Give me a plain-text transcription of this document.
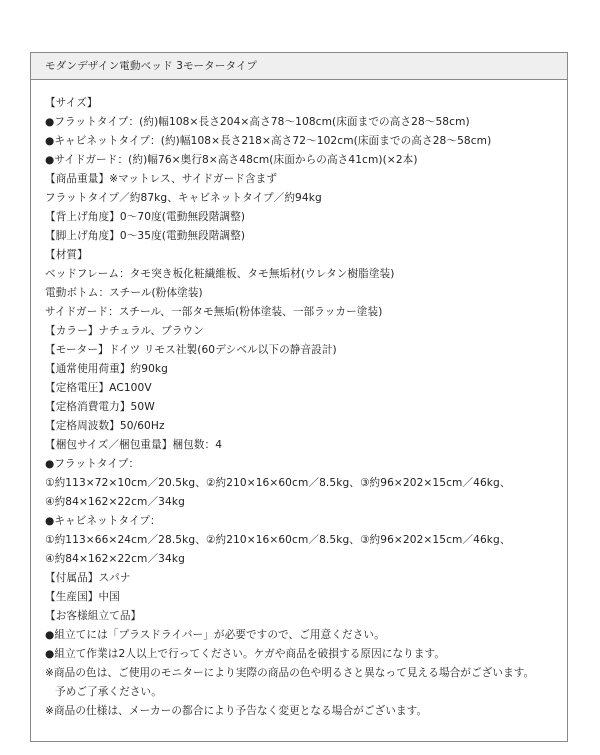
モダンデザイン電動ベッド 3モータータイプ
【サイズ】
●フラットタイプ：(約)幅108×長さ204×高さ78～108cm(床面までの高さ28～58cm)
●キャビネットタイプ：(約)幅108×長さ218×高さ72～102cm(床面までの高さ28～58cm)
●サイドガード：(約)幅76×奥行8×高さ48cm(床面からの高さ41cm)(×2本)
【商品重量】※マットレス、サイドガード含まず
フラットタイプ／約87kg、キャビネットタイプ／約94kg
【背上げ角度】0～70度(電動無段階調整)
【脚上げ角度】0～35度(電動無段階調整)
【材質】
ベッドフレーム：タモ突き板化粧繊維板、タモ無垢材(ウレタン樹脂塗装)
電動ボトム：スチール(粉体塗装)
サイドガード：スチール、一部タモ無垢(粉体塗装、一部ラッカー塗装)
【カラー】ナチュラル、ブラウン
【モーター】ドイツ リモス社製(60デシベル以下の静音設計)
【通常使用荷重】約90kg
【定格電圧】AC100V
【定格消費電力】50W
【定格周波数】50/60Hz
【梱包サイズ／梱包重量】梱包数：4
●フラットタイプ：
①約113×72×10cm／20.5kg、②約210×16×60cm／8.5kg、③約96×202×15cm／46kg、
④約84×162×22cm／34kg
●キャビネットタイプ：
①約113×66×24cm／28.5kg、②約210×16×60cm／8.5kg、③約96×202×15cm／46kg、
④約84×162×22cm／34kg
【付属品】スパナ
【生産国】中国
【お客様組立て品】
●組立てには「プラスドライバー」が必要ですので、ご用意ください。
●組立て作業は2人以上で行ってください。ケガや商品を破損する原因になります。
※商品の色は、ご使用のモニターにより実際の商品の色や明るさと異なって見える場合がございます。
予めご了承ください。
※商品の仕様は、メーカーの都合により予告なく変更となる場合がございます。
